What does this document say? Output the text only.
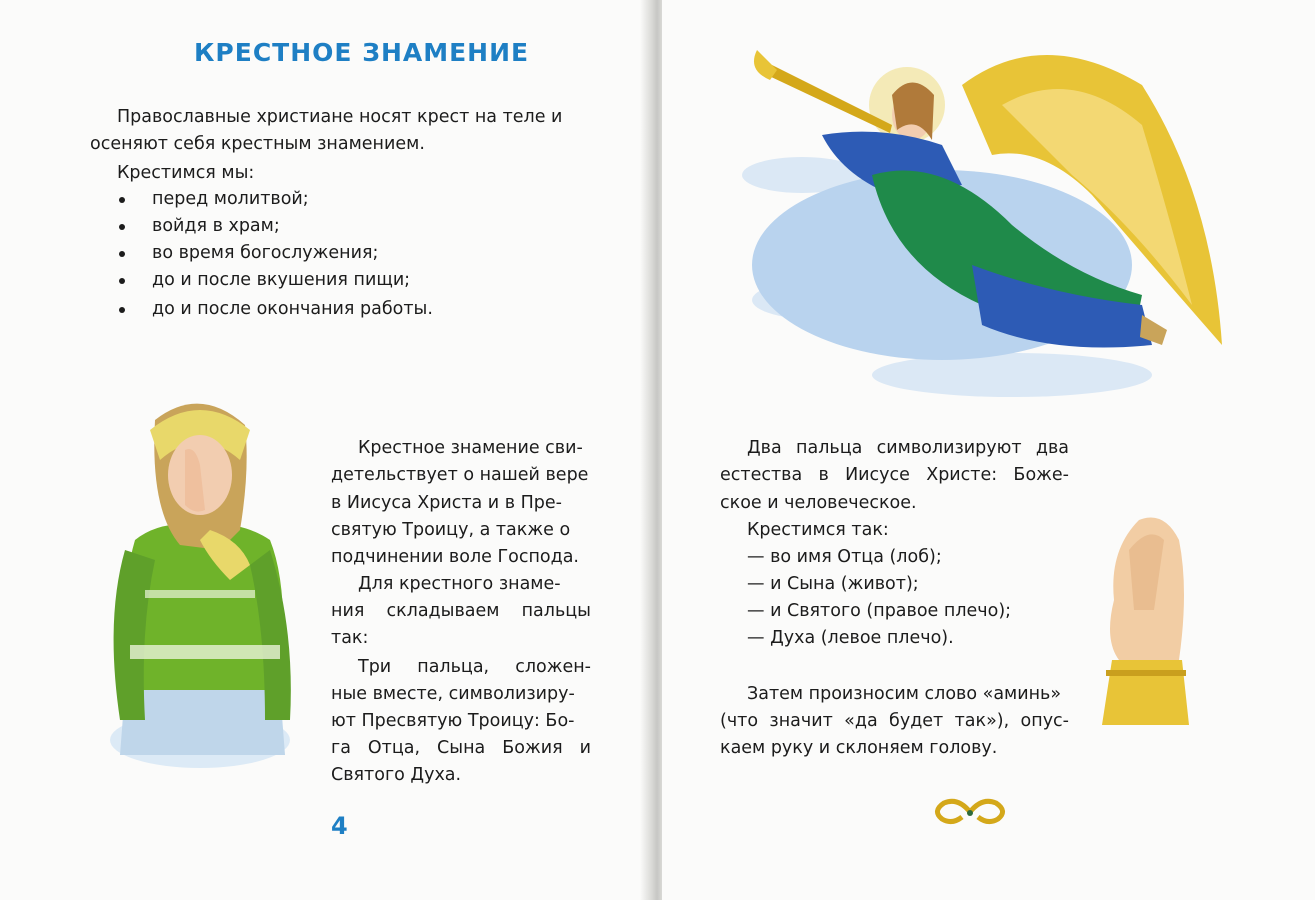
КРЕСТНОЕ ЗНАМЕНИЕ
Православные христиане носят крест на теле и
осеняют себя крестным знамением.
Крестимся мы:
перед молитвой;
войдя в храм;
во время богослужения;
до и после вкушения пищи;
до и после окончания работы.
Крестное знамение сви-
детельствует о нашей вере
в Иисуса Христа и в Пре-
святую Троицу, а также о
подчинении воле Господа.
Для крестного знаме-
ния складываем пальцы
так:
Три пальца, сложен-
ные вместе, символизиру-
ют Пресвятую Троицу: Бо-
га Отца, Сына Божия и
Святого Духа.
4
Два пальца символизируют два
естества в Иисусе Христе: Боже-
ское и человеческое.
Крестимся так:
— во имя Отца (лоб);
— и Сына (живот);
— и Святого (правое плечо);
— Духа (левое плечо).
Затем произносим слово «аминь»
(что значит «да будет так»), опус-
каем руку и склоняем голову.
